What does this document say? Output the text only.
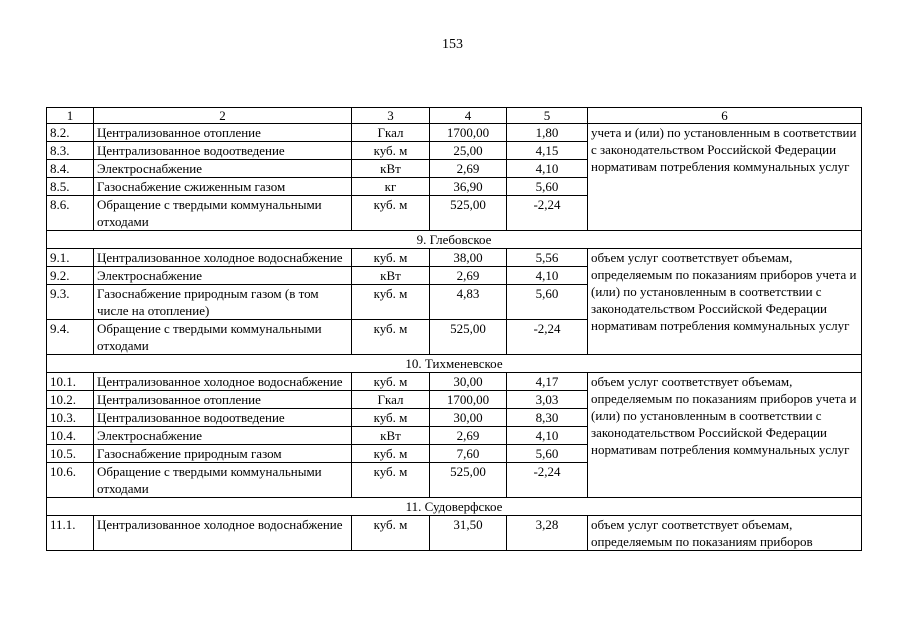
153
1	2	3	4	5	6
8.2.	Централизованное отопление	Гкал	1700,00	1,80	учета и (или) по установленным в соответствии с законодательством Российской Федерации нормативам потребления коммунальных услуг
8.3.	Централизованное водоотведение	куб. м	25,00	4,15	
8.4.	Электроснабжение	кВт	2,69	4,10	
8.5.	Газоснабжение сжиженным газом	кг	36,90	5,60	
8.6.	Обращение с твердыми коммунальными отходами	куб. м	525,00	-2,24	
9. Глебовское					
9.1.	Централизованное холодное водоснабжение	куб. м	38,00	5,56	объем услуг соответствует объемам, определяемым по показаниям приборов учета и (или) по установленным в соответствии с законодательством Российской Федерации нормативам потребления коммунальных услуг
9.2.	Электроснабжение	кВт	2,69	4,10	
9.3.	Газоснабжение природным газом (в том числе на отопление)	куб. м	4,83	5,60	
9.4.	Обращение с твердыми коммунальными отходами	куб. м	525,00	-2,24	
10. Тихменевское					
10.1.	Централизованное холодное водоснабжение	куб. м	30,00	4,17	объем услуг соответствует объемам, определяемым по показаниям приборов учета и (или) по установленным в соответствии с законодательством Российской Федерации нормативам потребления коммунальных услуг
10.2.	Централизованное отопление	Гкал	1700,00	3,03	
10.3.	Централизованное водоотведение	куб. м	30,00	8,30	
10.4.	Электроснабжение	кВт	2,69	4,10	
10.5.	Газоснабжение природным газом	куб. м	7,60	5,60	
10.6.	Обращение с твердыми коммунальными отходами	куб. м	525,00	-2,24	
11. Судоверфское					
11.1.	Централизованное холодное водоснабжение	куб. м	31,50	3,28	объем услуг соответствует объемам, определяемым по показаниям приборов
